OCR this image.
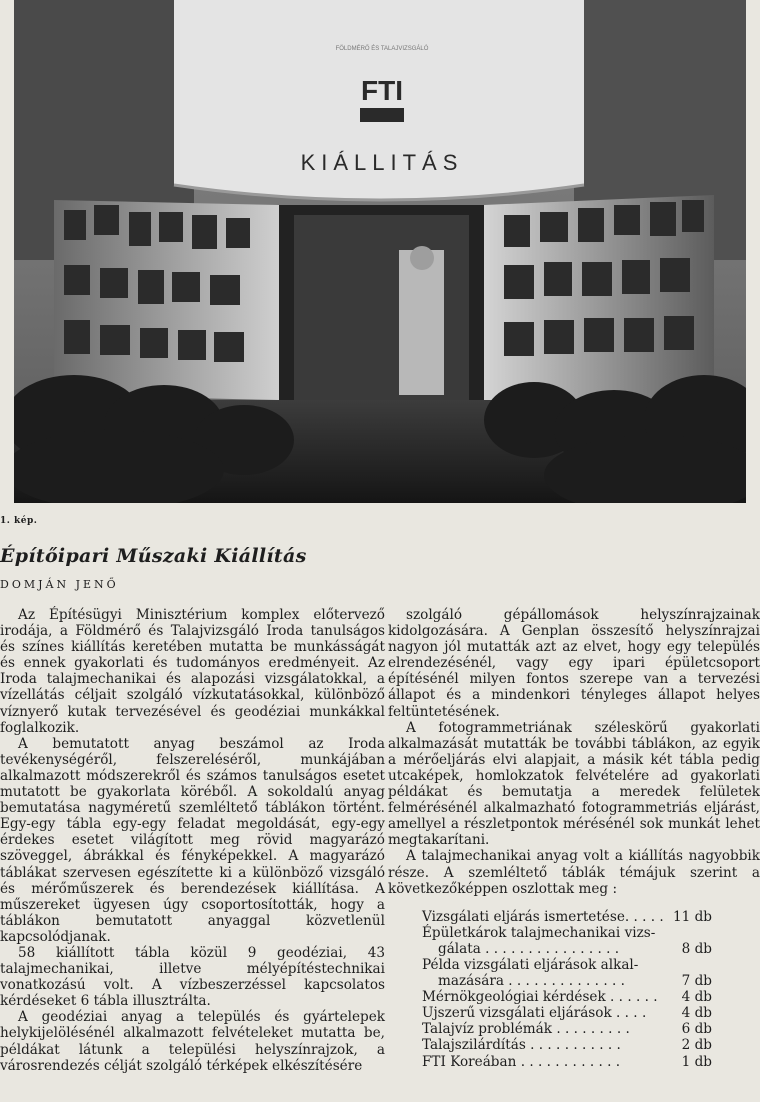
FÖLDMÉRŐ ÉS TALAJVIZSGÁLÓ
FTI
KIÁLLITÁS
1. kép.
Építőipari Műszaki Kiállítás
DOMJÁN JENŐ

Az Építésügyi Minisztérium komplex előtervező irodája, a Földmérő és Talajvizsgáló Iroda tanulságos és színes kiállítás keretében mutatta be munkásságát és ennek gyakorlati és tudományos eredményeit. Az Iroda talajmechanikai és alapozási vizsgálatokkal, a vízellátás céljait szolgáló vízkutatásokkal, különböző víznyerő kutak tervezésével és geodéziai munkákkal foglalkozik.

A bemutatott anyag beszámol az Iroda tevékenységéről, felszereléséről, munkájában alkalmazott módszerekről és számos tanulságos esetet mutatott be gyakorlata köréből. A sokoldalú anyag bemutatása nagyméretű szemléltető táblákon történt. Egy-egy tábla egy-egy feladat megoldását, egy-egy érdekes esetet világított meg rövid magyarázó szöveggel, ábrákkal és fényképekkel. A magyarázó táblákat szervesen egészítette ki a különböző vizsgáló és mérőműszerek és berendezések kiállítása. A műszereket ügyesen úgy csoportosították, hogy a táblákon bemutatott anyaggal közvetlenül kapcsolódjanak.

58 kiállított tábla közül 9 geodéziai, 43 talajmechanikai, illetve mélyépítéstechnikai vonatkozású volt. A vízbeszerzéssel kapcsolatos kérdéseket 6 tábla illusztrálta.

A geodéziai anyag a település és gyártelepek helykijelölésénél alkalmazott felvételeket mutatta be, példákat látunk a települési helyszínrajzok, a városrendezés célját szolgáló térképek elkészítésére

szolgáló gépállomások helyszínrajzainak kidolgozására. A Genplan összesítő helyszínrajzai nagyon jól mutatták azt az elvet, hogy egy település elrendezésénél, vagy egy ipari épületcsoport építésénél milyen fontos szerepe van a tervezési állapot és a mindenkori tényleges állapot helyes feltüntetésének.

A fotogrammetriának széleskörű gyakorlati alkalmazását mutatták be további táblákon, az egyik a mérőeljárás elvi alapjait, a másik két tábla pedig utcaképek, homlokzatok felvételére ad gyakorlati példákat és bemutatja a meredek felületek felmérésénél alkalmazható fotogrammetriás eljárást, amellyel a részletpontok mérésénél sok munkát lehet megtakarítani.

A talajmechanikai anyag volt a kiállítás nagyobbik része. A szemléltető táblák témájuk szerint a következőképpen oszlottak meg :

Vizsgálati eljárás ismertetése. . . . . 11 db
Épületkárok talajmechanikai vizs-
gálata . . . . . . . . . . . . . . . .	8 db
Példa vizsgálati eljárások alkal-
mazására . . . . . . . . . . . . . .	7 db
Mérnökgeológiai kérdések . . . . . .	4 db
Ujszerű vizsgálati eljárások . . . .	4 db
Talajvíz problémák . . . . . . . . .	6 db
Talajszilárdítás . . . . . . . . . . .	2 db
FTI Koreában . . . . . . . . . . . .	1 db
